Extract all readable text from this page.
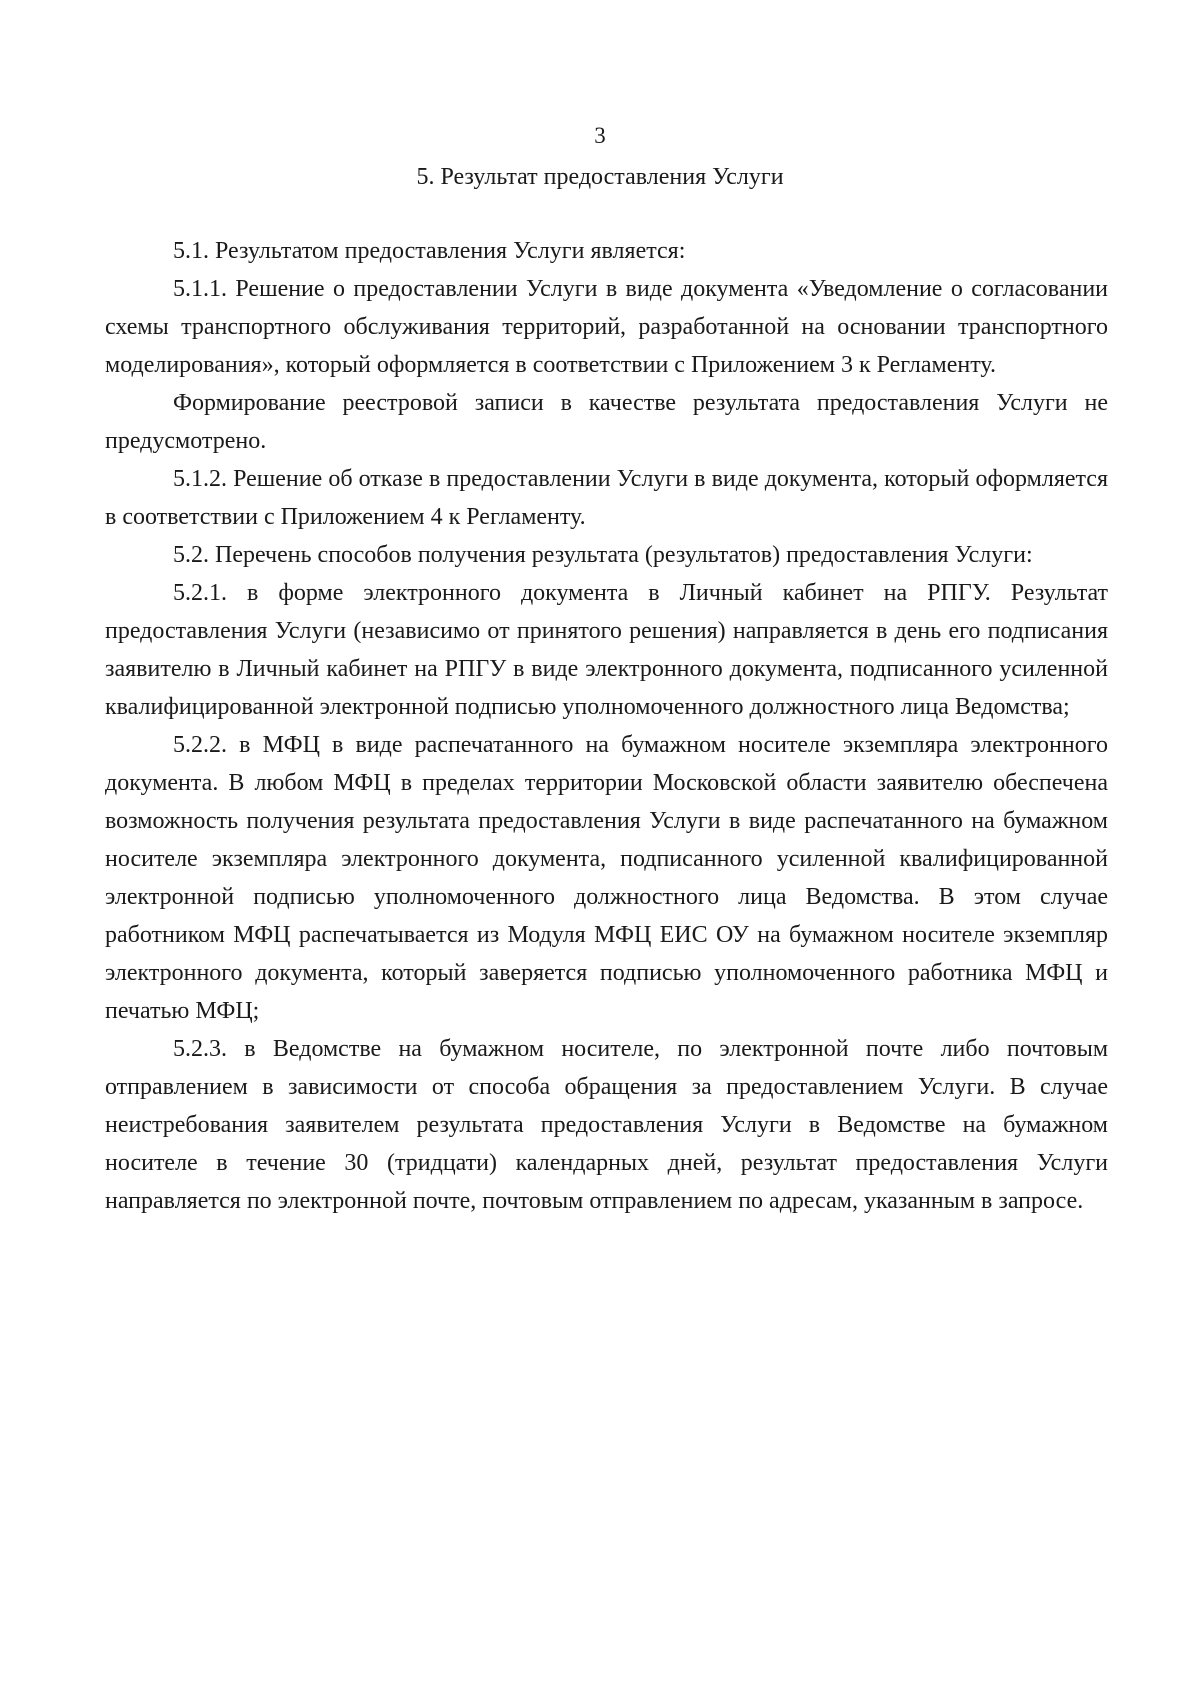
3
5. Результат предоставления Услуги

5.1. Результатом предоставления Услуги является:

5.1.1. Решение о предоставлении Услуги в виде документа «Уведомление о согласовании схемы транспортного обслуживания территорий, разработанной на основании транспортного моделирования», который оформляется в соответствии с Приложением 3 к Регламенту.

Формирование реестровой записи в качестве результата предоставления Услуги не предусмотрено.

5.1.2. Решение об отказе в предоставлении Услуги в виде документа, который оформляется в соответствии с Приложением 4 к Регламенту.

5.2. Перечень способов получения результата (результатов) предоставления Услуги:

5.2.1. в форме электронного документа в Личный кабинет на РПГУ. Результат предоставления Услуги (независимо от принятого решения) направляется в день его подписания заявителю в Личный кабинет на РПГУ в виде электронного документа, подписанного усиленной квалифицированной электронной подписью уполномоченного должностного лица Ведомства;

5.2.2. в МФЦ в виде распечатанного на бумажном носителе экземпляра электронного документа. В любом МФЦ в пределах территории Московской области заявителю обеспечена возможность получения результата предоставления Услуги в виде распечатанного на бумажном носителе экземпляра электронного документа, подписанного усиленной квалифицированной электронной подписью уполномоченного должностного лица Ведомства. В этом случае работником МФЦ распечатывается из Модуля МФЦ ЕИС ОУ на бумажном носителе экземпляр электронного документа, который заверяется подписью уполномоченного работника МФЦ и печатью МФЦ;

5.2.3. в Ведомстве на бумажном носителе, по электронной почте либо почтовым отправлением в зависимости от способа обращения за предоставлением Услуги. В случае неистребования заявителем результата предоставления Услуги в Ведомстве на бумажном носителе в течение 30 (тридцати) календарных дней, результат предоставления Услуги направляется по электронной почте, почтовым отправлением по адресам, указанным в запросе.
